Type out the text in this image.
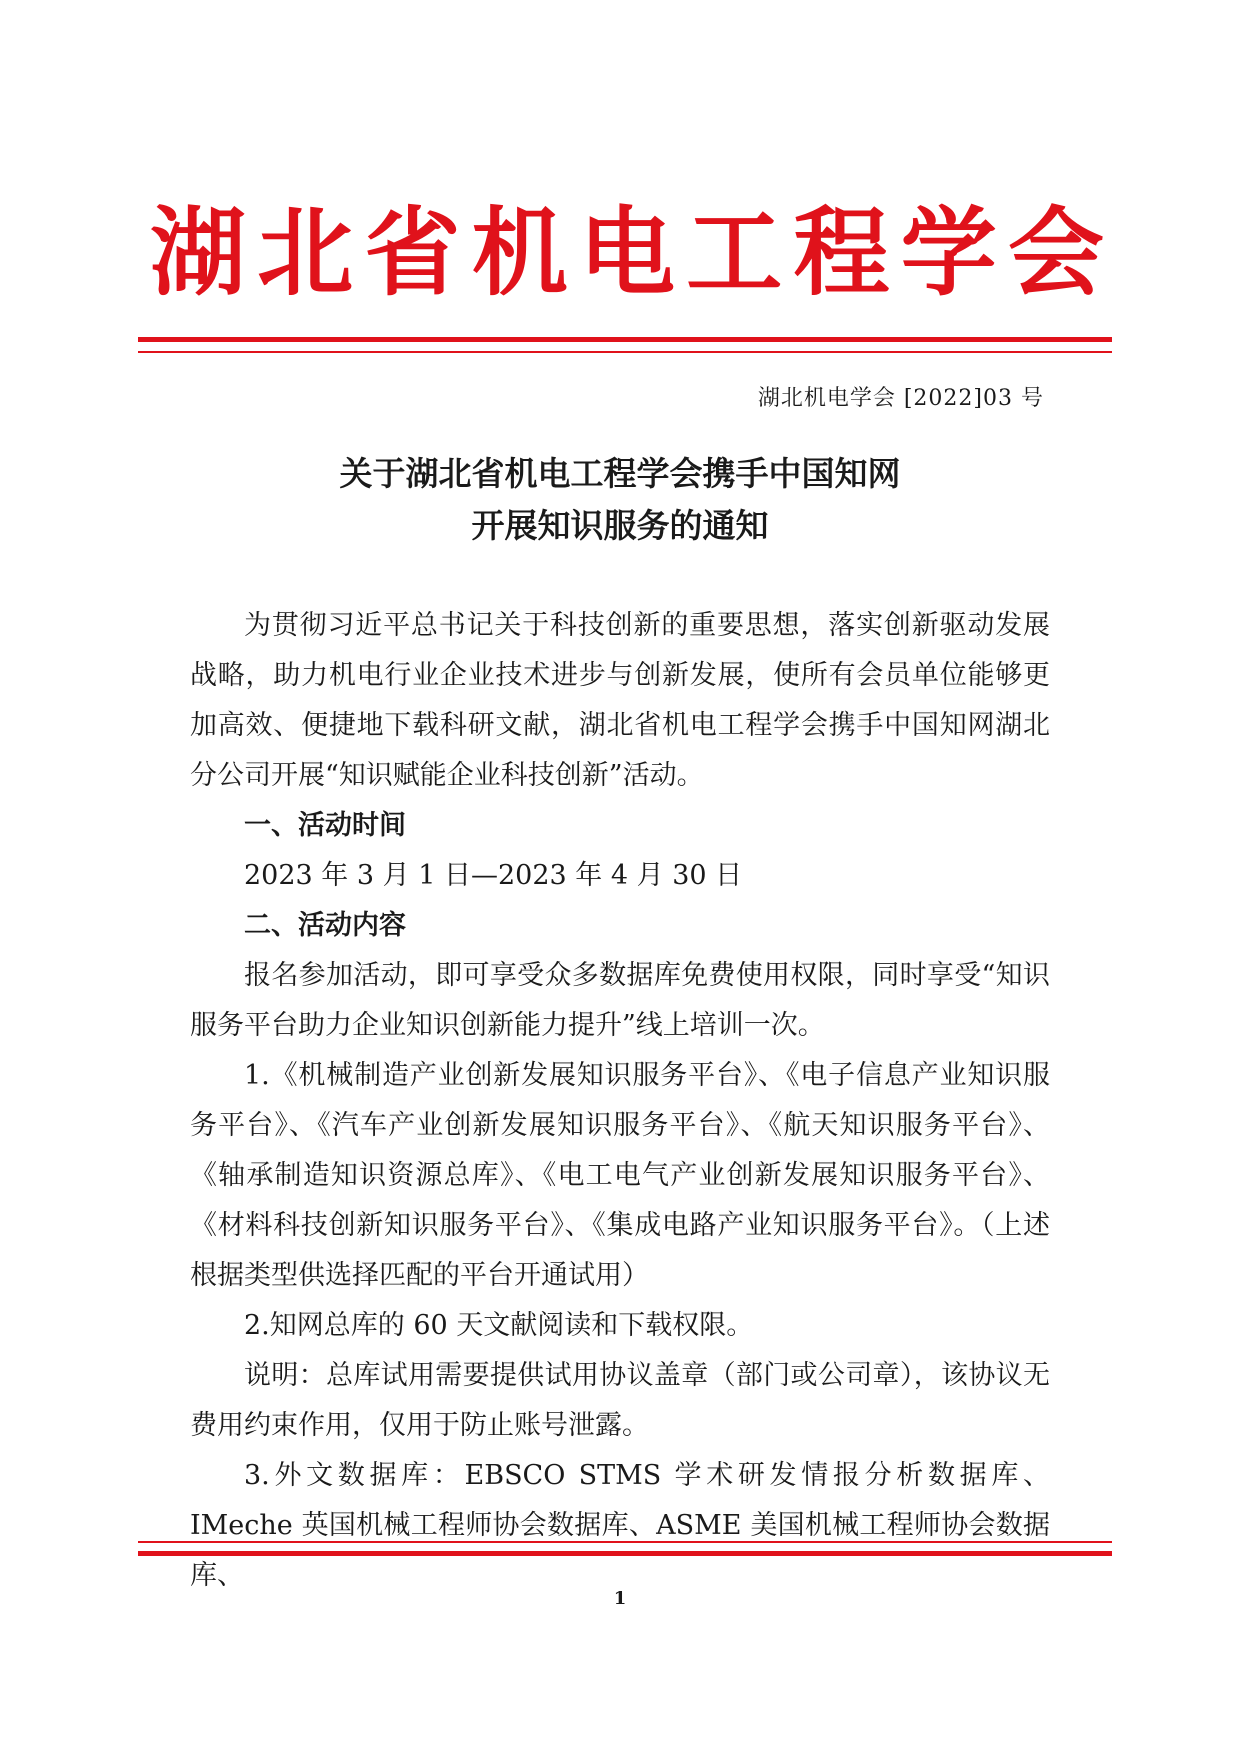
湖北省机电工程学会
湖北机电学会 [2022]03 号
关于湖北省机电工程学会携手中国知网
开展知识服务的通知

为贯彻习近平总书记关于科技创新的重要思想，落实创新驱动发展战略，助力机电行业企业技术进步与创新发展，使所有会员单位能够更加高效、便捷地下载科研文献，湖北省机电工程学会携手中国知网湖北分公司开展“知识赋能企业科技创新”活动。

一、活动时间

2023 年 3 月 1 日—2023 年 4 月 30 日

二、活动内容

报名参加活动，即可享受众多数据库免费使用权限，同时享受“知识服务平台助力企业知识创新能力提升”线上培训一次。

1.《机械制造产业创新发展知识服务平台》、《电子信息产业知识服务平台》、《汽车产业创新发展知识服务平台》、《航天知识服务平台》、《轴承制造知识资源总库》、《电工电气产业创新发展知识服务平台》、《材料科技创新知识服务平台》、《集成电路产业知识服务平台》。（上述根据类型供选择匹配的平台开通试用）

2.知网总库的 60 天文献阅读和下载权限。

说明：总库试用需要提供试用协议盖章（部门或公司章），该协议无费用约束作用，仅用于防止账号泄露。

3.外文数据库：EBSCO STMS 学术研发情报分析数据库、IMeche 英国机械工程师协会数据库、ASME 美国机械工程师协会数据库、

1
